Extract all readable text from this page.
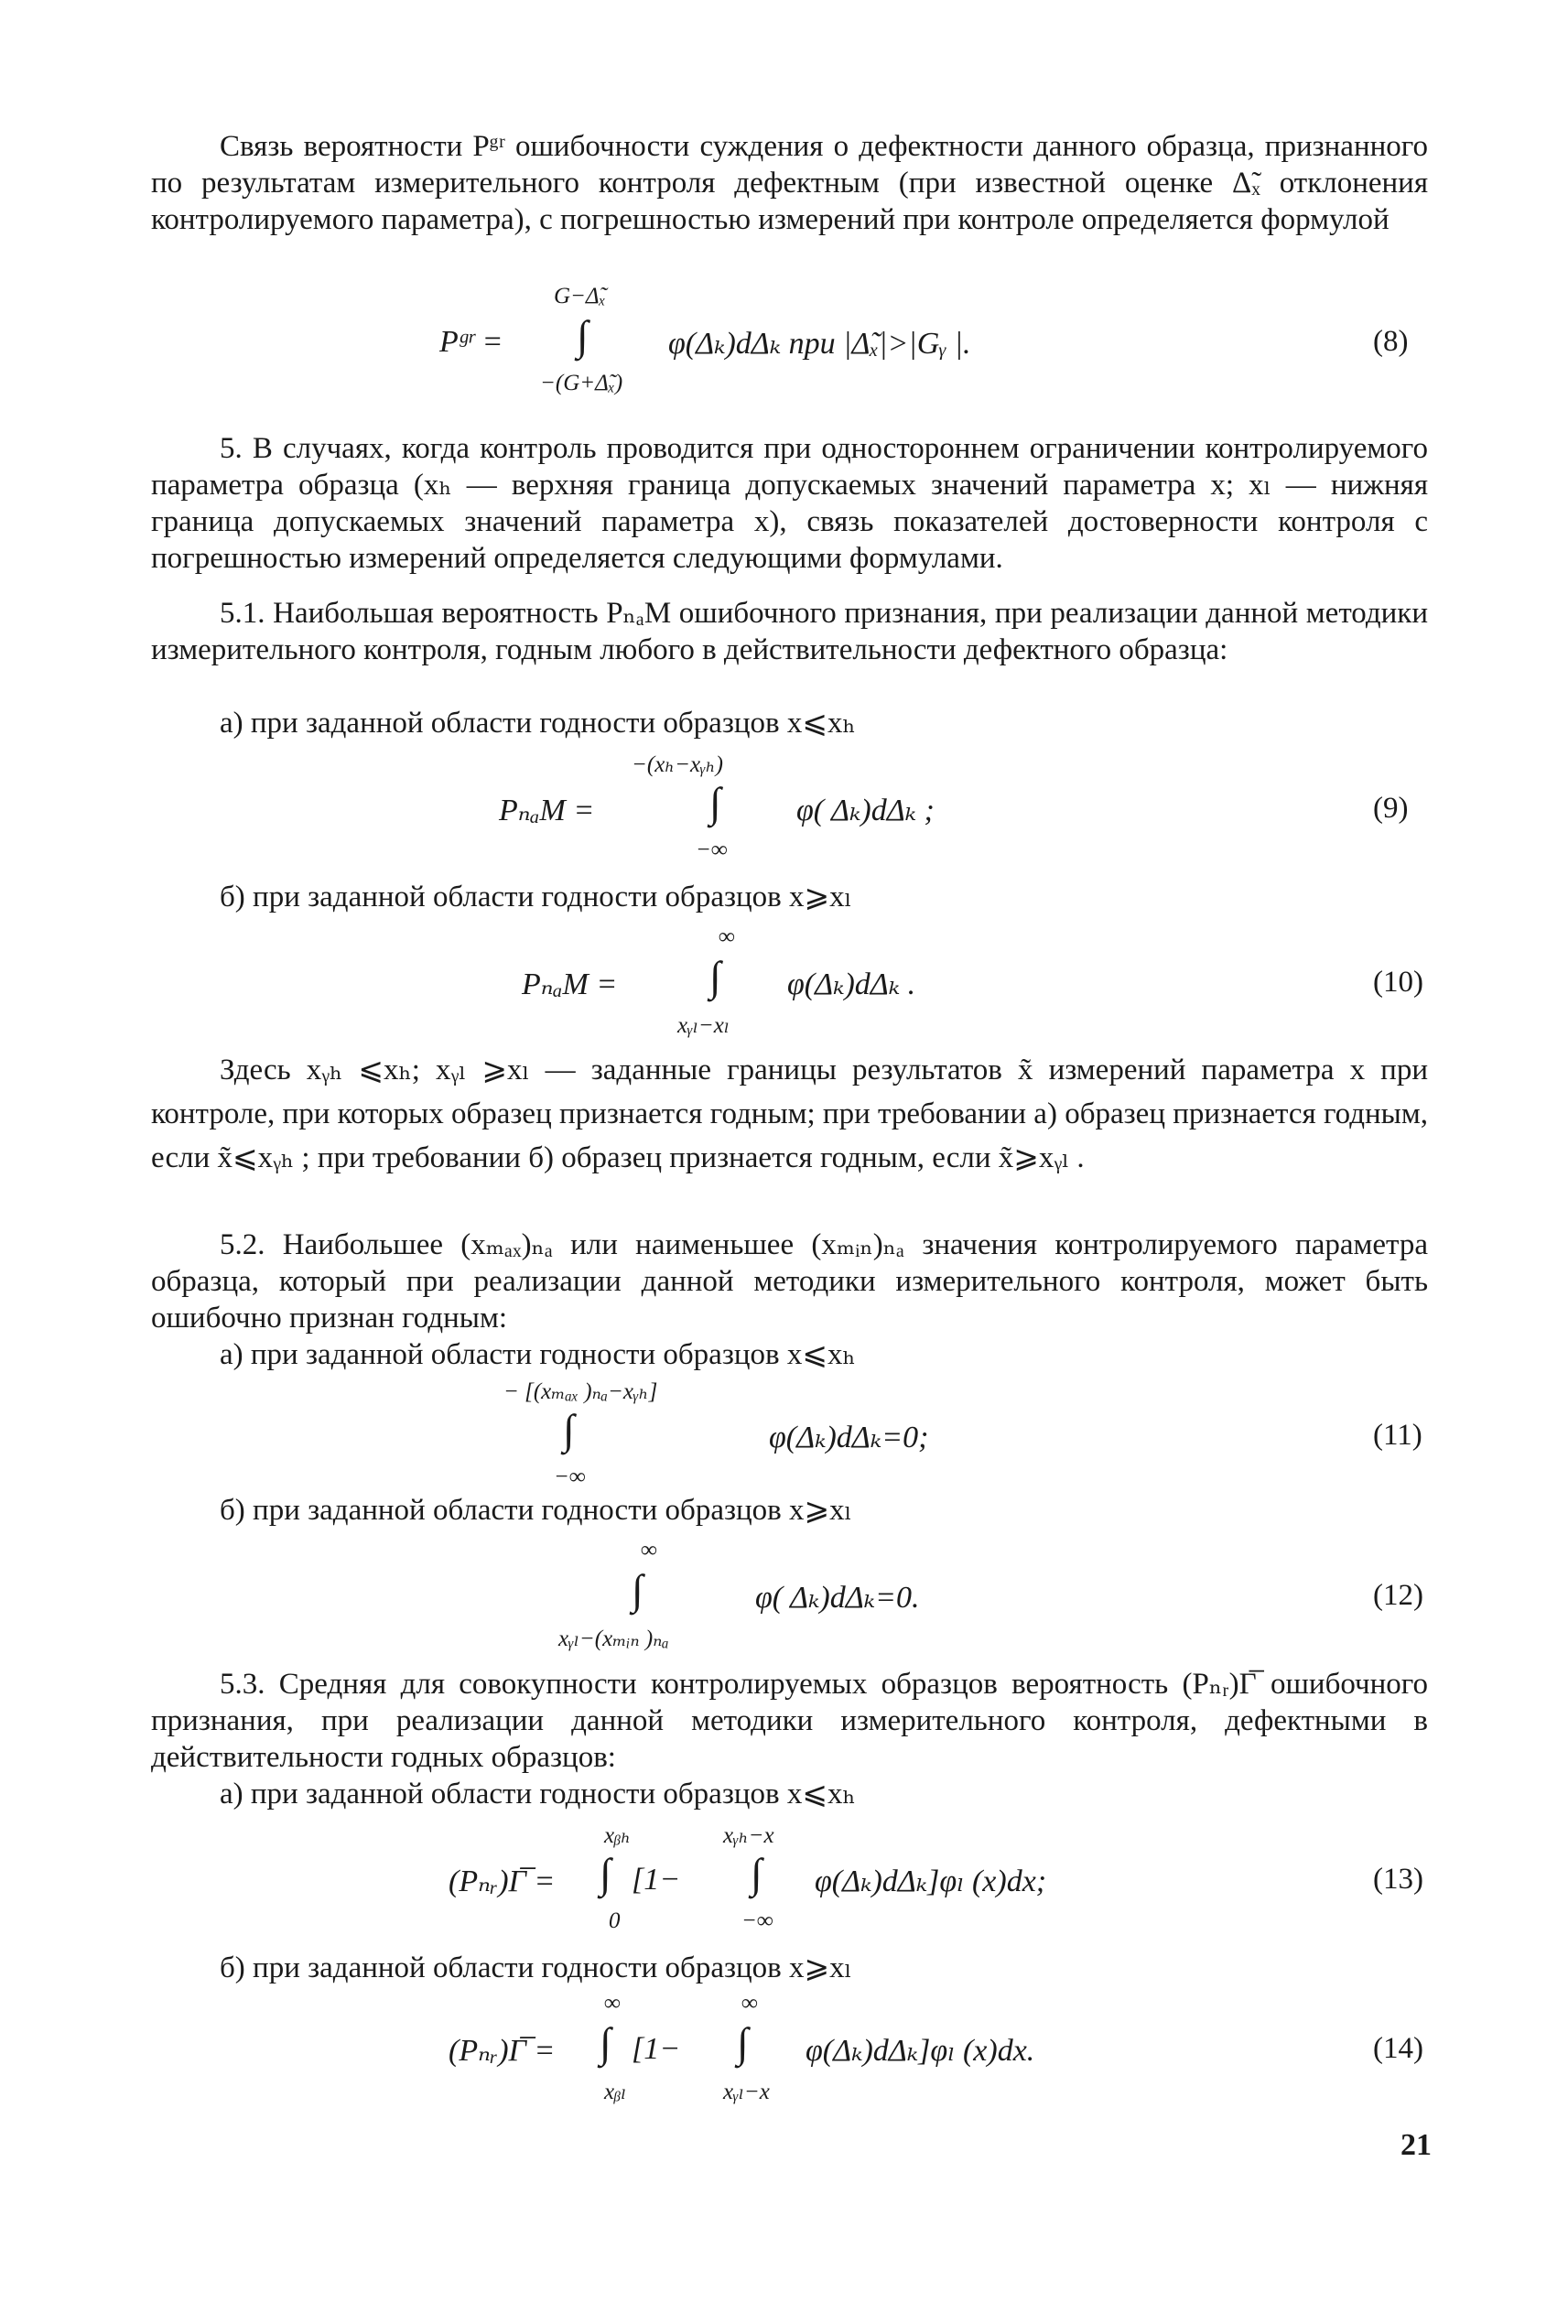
Связь вероятности Pᵍʳ ошибочности суждения о дефектности данного образца, признанного по результатам измерительного контроля дефектным (при известной оценке Δ̃ₓ отклонения контролируемого параметра), с погрешностью измерений при контроле определяется формулой
G−Δ̃ₓ
Pᵍʳ = ∫	φ(Δₖ)dΔₖ при |Δ̃ₓ|>|Gᵧ |.
−(G+Δ̃ₓ)
(8)
5. В случаях, когда контроль проводится при одностороннем ограничении контролируемого параметра образца (xₕ — верхняя граница допускаемых значений параметра x; xₗ — нижняя граница допускаемых значений параметра x), связь показателей достоверности контроля с погрешностью измерений определяется следующими формулами.
5.1. Наибольшая вероятность PₙₐM ошибочного признания, при реализации данной методики измерительного контроля, годным любого в действительности дефектного образца:
а) при заданной области годности образцов x⩽xₕ
−(xₕ−xᵧₕ)
PₙₐM =	∫ φ( Δₖ)dΔₖ ;
−∞
(9)
б) при заданной области годности образцов x⩾xₗ
∞
PₙₐM = ∫ φ(Δₖ)dΔₖ .
xᵧₗ−xₗ
(10)
Здесь xᵧₕ ⩽xₕ; xᵧₗ ⩾xₗ — заданные границы результатов x̃ измерений параметра x при контроле, при которых образец признается годным; при требовании а) образец признается годным, если x̃⩽xᵧₕ ; при требовании б) образец признается годным, если x̃⩾xᵧₗ .
5.2. Наибольшее (xₘₐₓ)ₙₐ или наименьшее (xₘᵢₙ)ₙₐ значения контролируемого параметра образца, который при реализации данной методики измерительного контроля, может быть ошибочно признан годным:
а) при заданной области годности образцов x⩽xₕ
− [(xₘₐₓ )ₙₐ−xᵧₕ]
∫	φ(Δₖ)dΔₖ=0;
−∞
(11)
б) при заданной области годности образцов x⩾xₗ
∞
∫	φ( Δₖ)dΔₖ=0.
xᵧₗ−(xₘᵢₙ )ₙₐ
(12)
5.3. Средняя для совокупности контролируемых образцов вероятность (Pₙᵣ)Γ̅ ошибочного признания, при реализации данной методики измерительного контроля, дефектными в действительности годных образцов:
а) при заданной области годности образцов x⩽xₕ
xᵦₕ	xᵧₕ−x
(Pₙᵣ)Γ̅ = ∫ [1− ∫ φ(Δₖ)dΔₖ]φₗ (x)dx;
0	−∞
(13)
б) при заданной области годности образцов x⩾xₗ
∞	∞
(Pₙᵣ)Γ̅ = ∫ [1− ∫ φ(Δₖ)dΔₖ]φₗ (x)dx.
xᵦₗ	xᵧₗ−x
(14)
21
